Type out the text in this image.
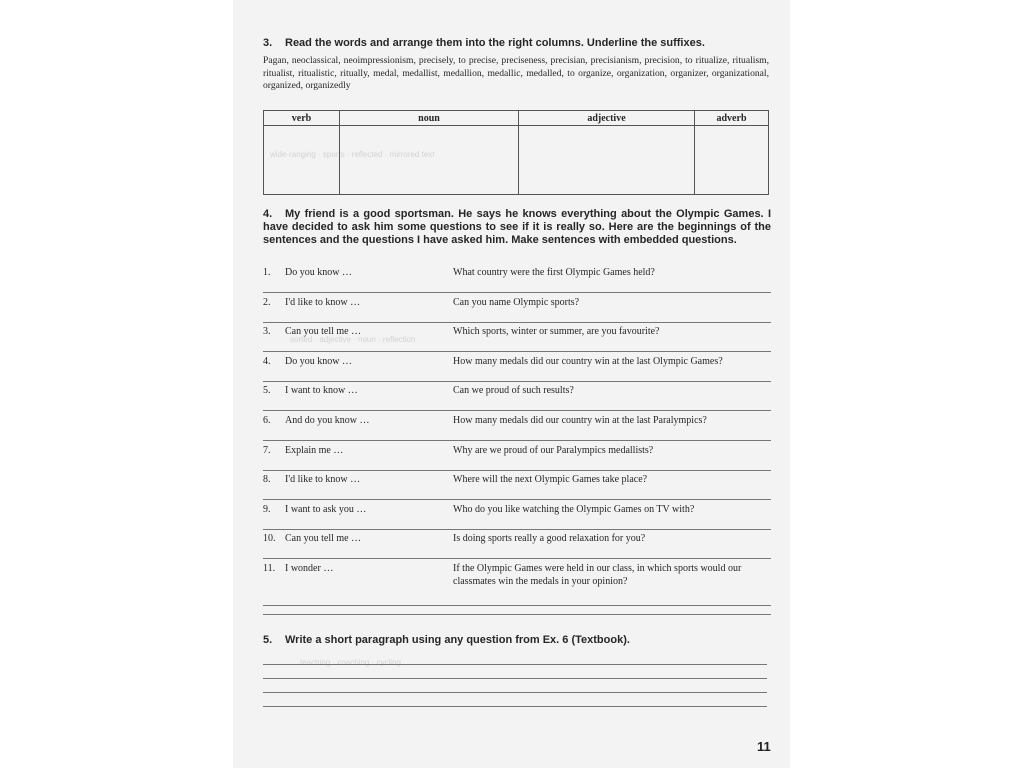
wide-ranging · sports · reflected · mirrored text
sorted · adjective · noun · reflection
teaching · coaching · cycling

3. Read the words and arrange them into the right columns. Underline the suffixes.

Pagan, neoclassical, neoimpressionism, precisely, to precise, preciseness, precisian, precisianism, precision, to ritualize, ritualism, ritualist, ritualistic, ritually, medal, medallist, medallion, medallic, medalled, to organize, organization, organizer, organizational, organized, organizedly

verb	noun	adjective	adverb

4. My friend is a good sportsman. He says he knows everything about the Olympic Games. I have decided to ask him some questions to see if it is really so. Here are the beginnings of the sentences and the questions I have asked him. Make sentences with embedded questions.

1.	Do you know …	What country were the first Olympic Games held?
2.	I'd like to know …	Can you name Olympic sports?
3.	Can you tell me …	Which sports, winter or summer, are you favourite?
4.	Do you know …	How many medals did our country win at the last Olympic Games?
5.	I want to know …	Can we proud of such results?
6.	And do you know …	How many medals did our country win at the last Paralympics?
7.	Explain me …	Why are we proud of our Paralympics medallists?
8.	I'd like to know …	Where will the next Olympic Games take place?
9.	I want to ask you …	Who do you like watching the Olympic Games on TV with?
10. Can you tell me …	Is doing sports really a good relaxation for you?
11. I wonder …	If the Olympic Games were held in our class, in which sports would our classmates win the medals in your opinion?

5. Write a short paragraph using any question from Ex. 6 (Textbook).

11
